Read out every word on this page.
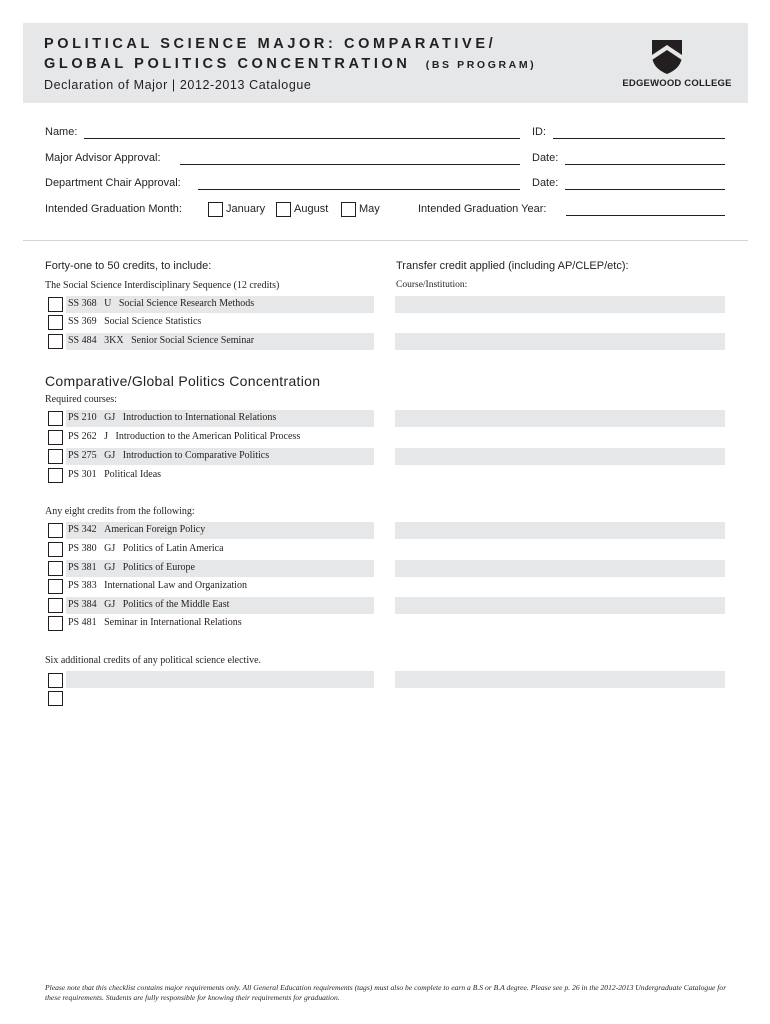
POLITICAL SCIENCE MAJOR: COMPARATIVE/
GLOBAL POLITICS CONCENTRATION (BS PROGRAM)
Declaration of Major | 2012-2013 Catalogue	EDGEWOOD COLLEGE
Name:	ID:
Major Advisor Approval:	Date:
Department Chair Approval:	Date:
Intended Graduation Month:	January	August	May	Intended Graduation Year:
Forty-one to 50 credits, to include:	Transfer credit applied (including AP/CLEP/etc):
The Social Science Interdisciplinary Sequence (12 credits)	Course/Institution:
SS 368 U Social Science Research Methods
SS 369 Social Science Statistics
SS 484 3KX Senior Social Science Seminar
Comparative/Global Politics Concentration
Required courses:
PS 210 GJ Introduction to International Relations
PS 262 J Introduction to the American Political Process
PS 275 GJ Introduction to Comparative Politics
PS 301 Political Ideas
Any eight credits from the following:
PS 342 American Foreign Policy
PS 380 GJ Politics of Latin America
PS 381 GJ Politics of Europe
PS 383 International Law and Organization
PS 384 GJ Politics of the Middle East
PS 481 Seminar in International Relations
Six additional credits of any political science elective.
Please note that this checklist contains major requirements only. All General Education requirements (tags) must also be complete to earn a B.S or B.A degree. Please see p. 26 in the 2012-2013 Undergraduate Catalogue for these requirements. Students are fully responsible for knowing their requirements for graduation.
